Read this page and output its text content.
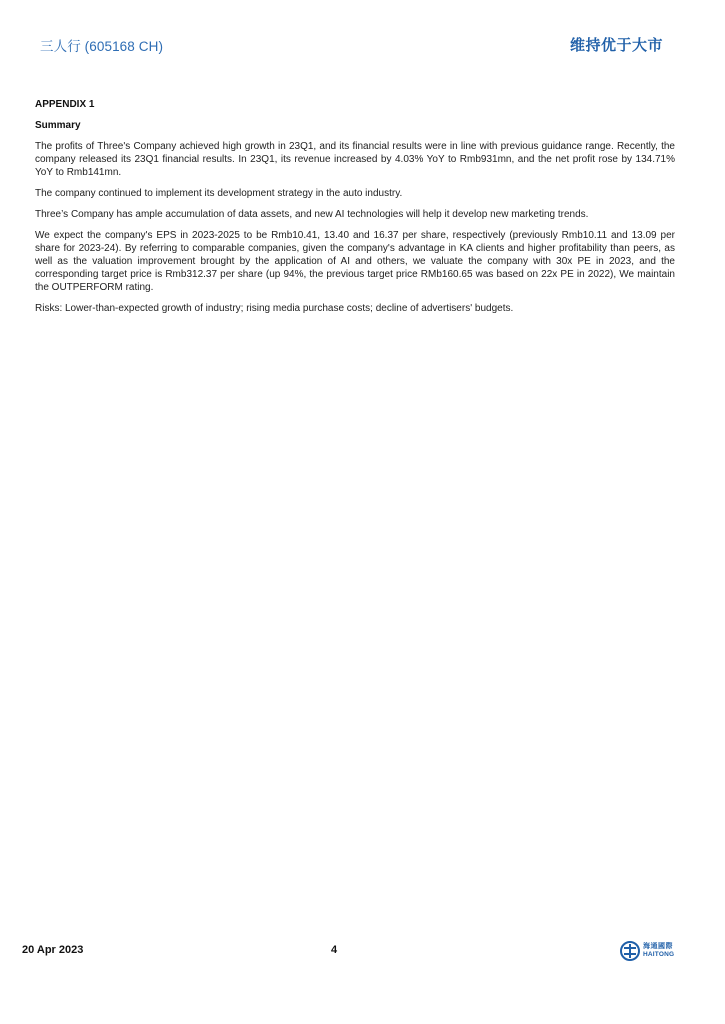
三人行 (605168 CH)	维持优于大市
APPENDIX 1
Summary

The profits of Three's Company achieved high growth in 23Q1, and its financial results were in line with previous guidance range. Recently, the company released its 23Q1 financial results. In 23Q1, its revenue increased by 4.03% YoY to Rmb931mn, and the net profit rose by 134.71% YoY to Rmb141mn.

The company continued to implement its development strategy in the auto industry.

Three’s Company has ample accumulation of data assets, and new AI technologies will help it develop new marketing trends.

We expect the company's EPS in 2023-2025 to be Rmb10.41, 13.40 and 16.37 per share, respectively (previously Rmb10.11 and 13.09 per share for 2023-24). By referring to comparable companies, given the company's advantage in KA clients and higher profitability than peers, as well as the valuation improvement brought by the application of AI and others, we valuate the company with 30x PE in 2023, and the corresponding target price is Rmb312.37 per share (up 94%, the previous target price RMb160.65 was based on 22x PE in 2022), We maintain the OUTPERFORM rating.

Risks: Lower-than-expected growth of industry; rising media purchase costs; decline of advertisers' budgets.

20 Apr 2023	4	海通國際
HAITONG
